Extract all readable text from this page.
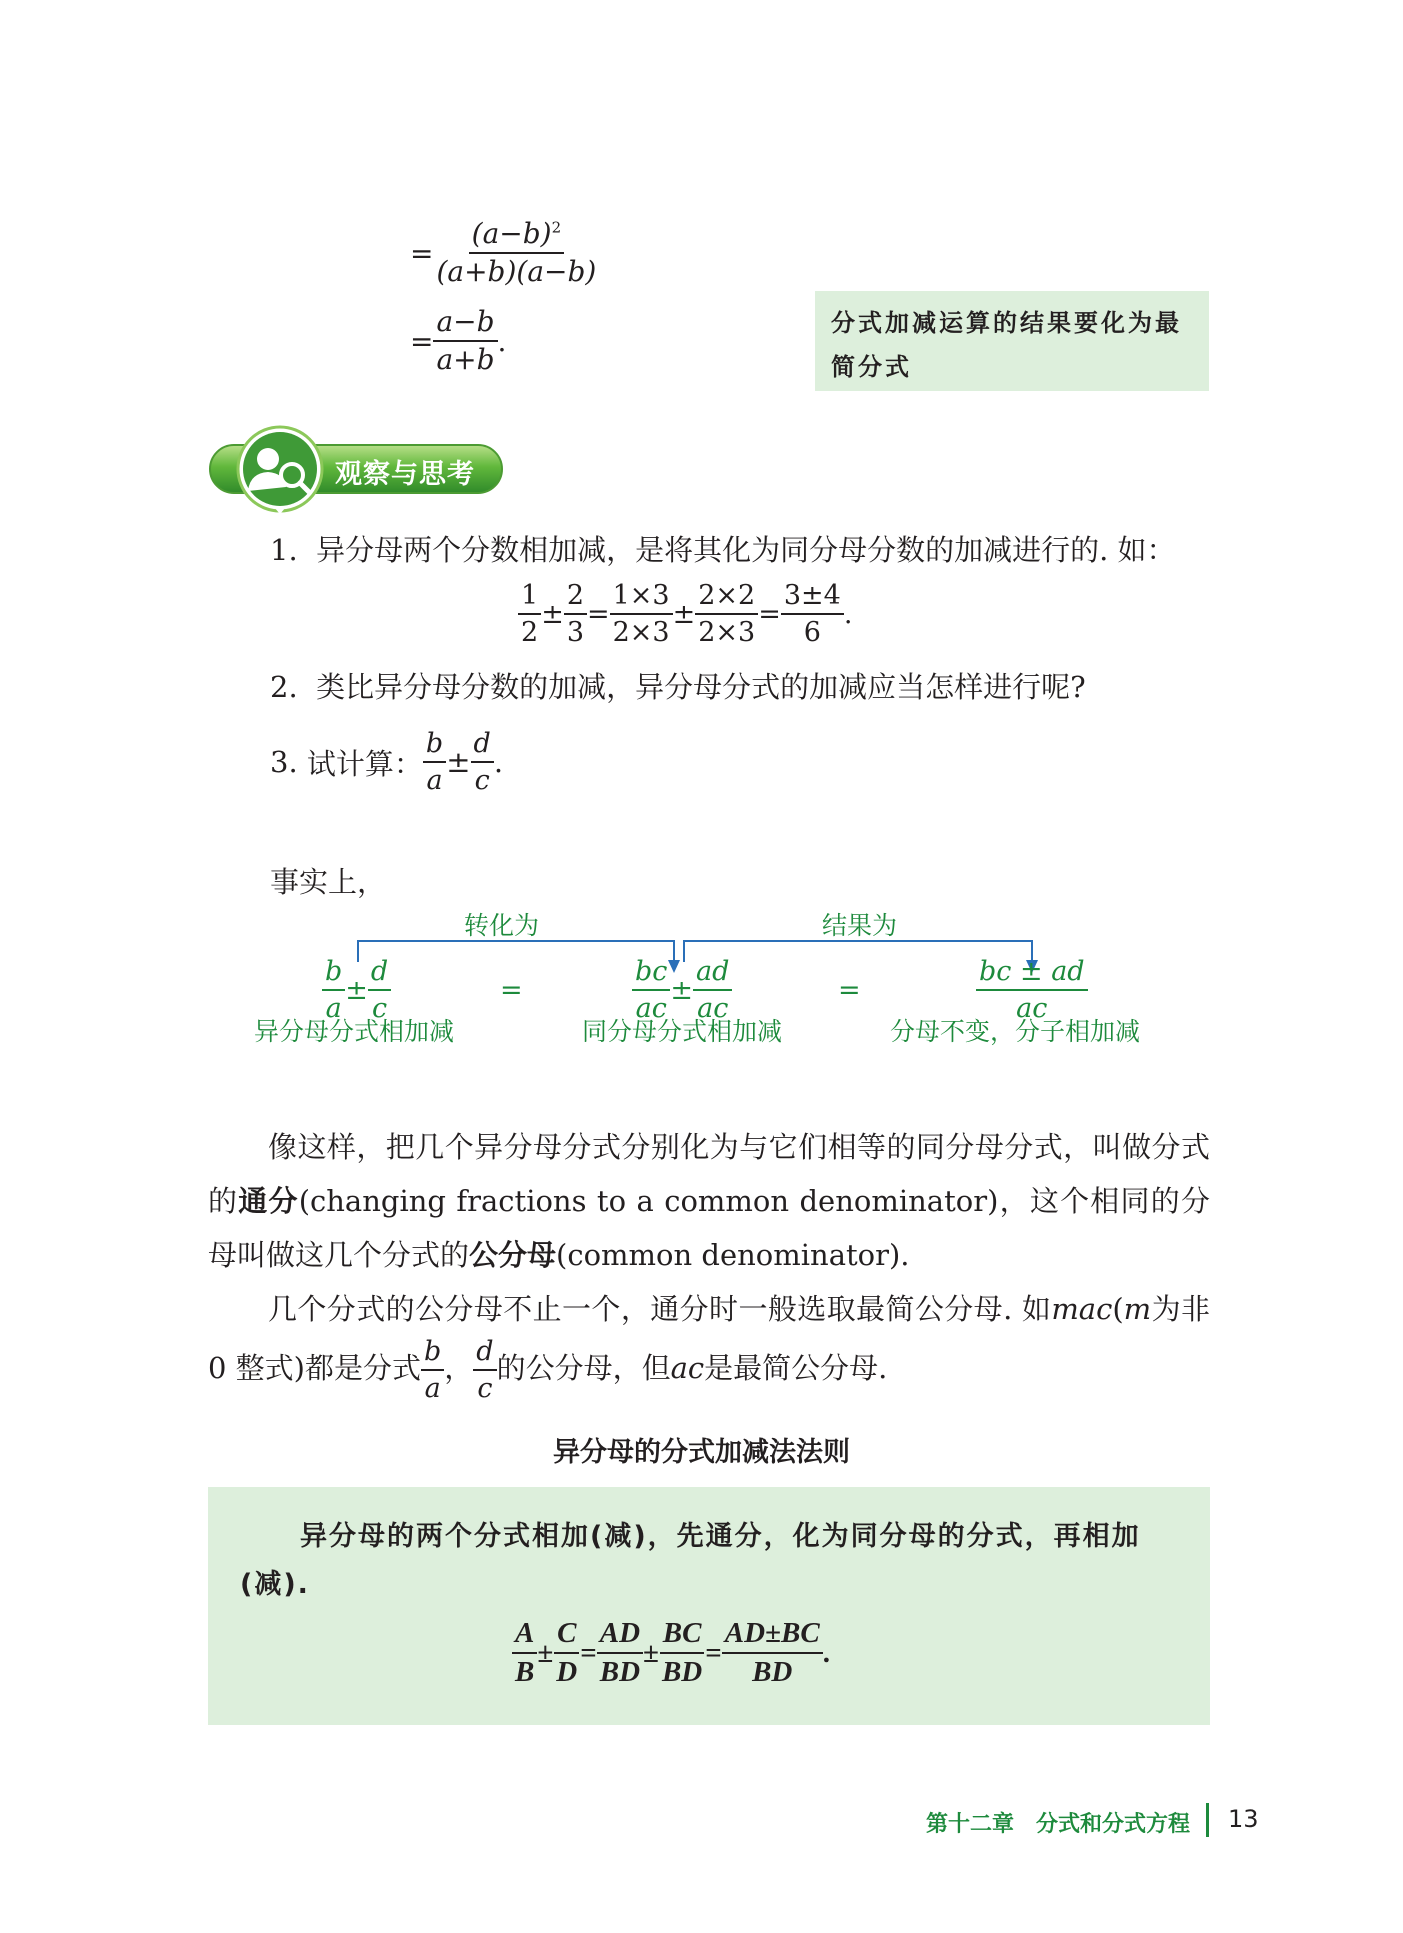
= $\frac{(a-b)^2}{(a+b)(a-b)}$
= $\frac{a-b}{a+b}$ .
分式加减运算的结果要化为最简分式
观察与思考
1. 异分母两个分数相加减，是将其化为同分母分数的加减进行的. 如：
$\frac{1}{2} \pm \frac{2}{3} = \frac{1\times 3}{2\times 3} \pm \frac{2\times 2}{2\times 3} = \frac{3\pm 4}{6}$ .
2. 类比异分母分数的加减，异分母分式的加减应当怎样进行呢?
3.
试计算： $\frac{b}{a} \pm \frac{d}{c}$ .
事实上，
转化为	结果为
$\frac{b}{a} \pm \frac{d}{c}$	=	$\frac{bc}{ac} \pm \frac{ad}{ac}$	=	$\frac{bc \pm ad}{ac}$
异分母分式相加减	同分母分式相加减	分母不变，分子相加减
像这样，把几个异分母分式分别化为与它们相等的同分母分式，叫做分式的通分(changing fractions to a common denominator)，这个相同的分母叫做这几个分式的公分母(common denominator).
几个分式的公分母不止一个，通分时一般选取最简公分母. 如mac(m为非 0 整式)都是分式 $\frac{b}{a}$ ， $\frac{d}{c}$ 的公分母，但ac是最简公分母.
异分母的分式加减法法则
异分母的两个分式相加(减)，先通分，化为同分母的分式，再相加(减).
$\frac{A}{B} \pm \frac{C}{D} = \frac{AD}{BD} \pm \frac{BC}{BD} = \frac{AD\pm BC}{BD}$ .
第十二章　分式和分式方程 13
